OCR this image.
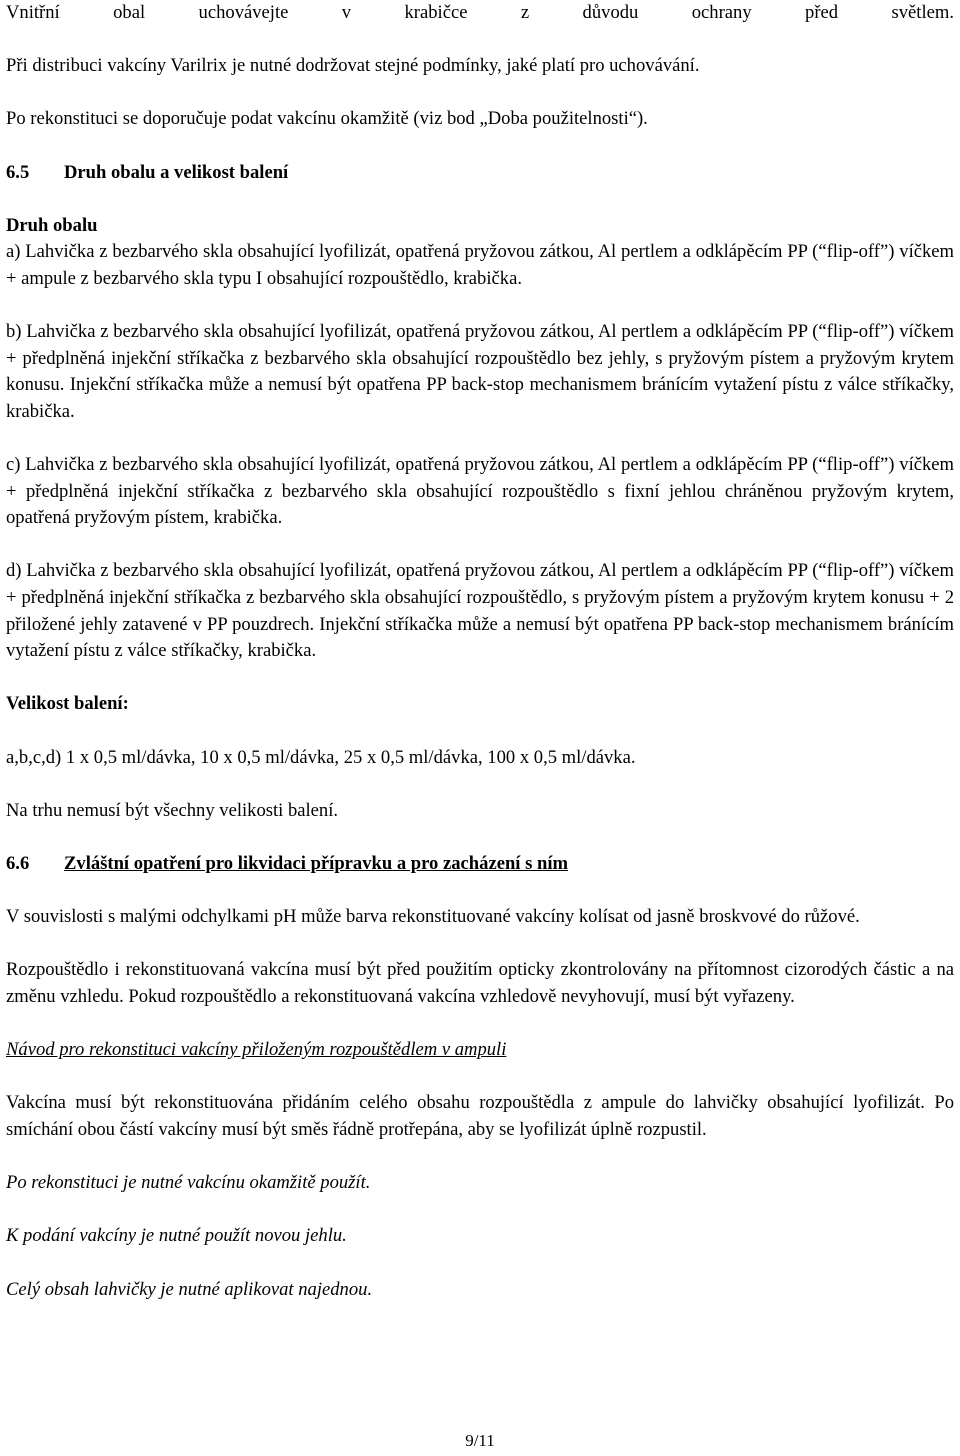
Vnitřní obal uchovávejte v krabičce z důvodu ochrany před světlem.

Při distribuci vakcíny Varilrix je nutné dodržovat stejné podmínky, jaké platí pro uchovávání.

Po rekonstituci se doporučuje podat vakcínu okamžitě (viz bod „Doba použitelnosti“).

6.5 Druh obalu a velikost balení

Druh obalu

a) Lahvička z bezbarvého skla obsahující lyofilizát, opatřená pryžovou zátkou, Al pertlem a odklápěcím PP (“flip-off”) víčkem + ampule z bezbarvého skla typu I obsahující rozpouštědlo, krabička.

b) Lahvička z bezbarvého skla obsahující lyofilizát, opatřená pryžovou zátkou, Al pertlem a odklápěcím PP (“flip-off”) víčkem + předplněná injekční stříkačka z bezbarvého skla obsahující rozpouštědlo bez jehly, s pryžovým pístem a pryžovým krytem konusu. Injekční stříkačka může a nemusí být opatřena PP back-stop mechanismem bránícím vytažení pístu z válce stříkačky, krabička.

c) Lahvička z bezbarvého skla obsahující lyofilizát, opatřená pryžovou zátkou, Al pertlem a odklápěcím PP (“flip-off”) víčkem + předplněná injekční stříkačka z bezbarvého skla obsahující rozpouštědlo s fixní jehlou chráněnou pryžovým krytem, opatřená pryžovým pístem, krabička.

d) Lahvička z bezbarvého skla obsahující lyofilizát, opatřená pryžovou zátkou, Al pertlem a odklápěcím PP (“flip-off”) víčkem + předplněná injekční stříkačka z bezbarvého skla obsahující rozpouštědlo, s pryžovým pístem a pryžovým krytem konusu + 2 přiložené jehly zatavené v PP pouzdrech. Injekční stříkačka může a nemusí být opatřena PP back-stop mechanismem bránícím vytažení pístu z válce stříkačky, krabička.

Velikost balení:

a,b,c,d) 1 x 0,5 ml/dávka, 10 x 0,5 ml/dávka, 25 x 0,5 ml/dávka, 100 x 0,5 ml/dávka.

Na trhu nemusí být všechny velikosti balení.

6.6 Zvláštní opatření pro likvidaci přípravku a pro zacházení s ním

V souvislosti s malými odchylkami pH může barva rekonstituované vakcíny kolísat od jasně broskvové do růžové.

Rozpouštědlo i rekonstituovaná vakcína musí být před použitím opticky zkontrolovány na přítomnost cizorodých částic a na změnu vzhledu. Pokud rozpouštědlo a rekonstituovaná vakcína vzhledově nevyhovují, musí být vyřazeny.

Návod pro rekonstituci vakcíny přiloženým rozpouštědlem v ampuli

Vakcína musí být rekonstituována přidáním celého obsahu rozpouštědla z ampule do lahvičky obsahující lyofilizát. Po smíchání obou částí vakcíny musí být směs řádně protřepána, aby se lyofilizát úplně rozpustil.

Po rekonstituci je nutné vakcínu okamžitě použít.

K podání vakcíny je nutné použít novou jehlu.

Celý obsah lahvičky je nutné aplikovat najednou.

9/11
